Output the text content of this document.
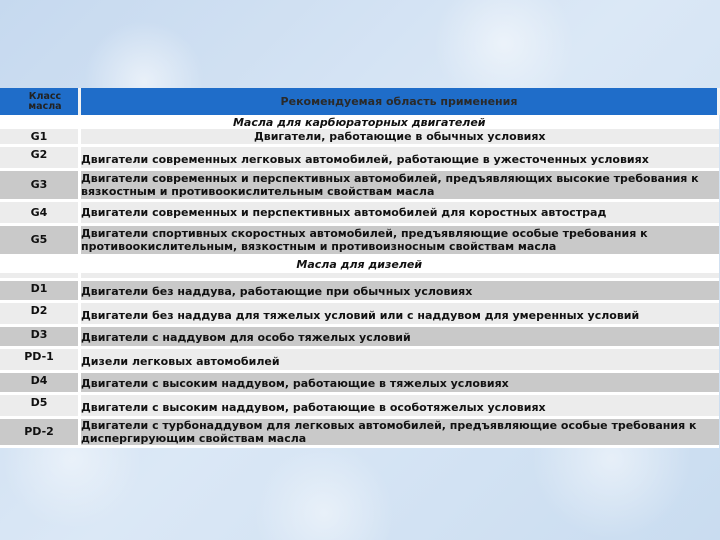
Класс масла	Рекомендуемая область применения
Масла для карбюраторных двигателей	
G1	Двигатели, работающие в обычных условиях
G2	Двигатели современных легковых автомобилей, работающие в ужесточенных условиях
G3	Двигатели современных и перспективных автомобилей, предъявляющих высокие требования к вязкостным и противоокислительным свойствам масла

G4	Двигатели современных и перспективных автомобилей для коростных автострад
G5	Двигатели спортивных скоростных автомобилей, предъявляющие особые требования к противоокислительным, вязкостным и противоизносным свойствам масла

Масла для дизелей	

D1	Двигатели без наддува, работающие при обычных условиях
D2	Двигатели без наддува для тяжелых условий или с наддувом для умеренных условий
D3	Двигатели с наддувом для особо тяжелых условий
PD-1	Дизели легковых автомобилей
D4	Двигатели с высоким наддувом, работающие в тяжелых условиях
D5	Двигатели с высоким наддувом, работающие в особотяжелых условиях
PD-2	Двигатели с турбонаддувом для легковых автомобилей, предъявляющие особые требования к диспергирующим свойствам масла
